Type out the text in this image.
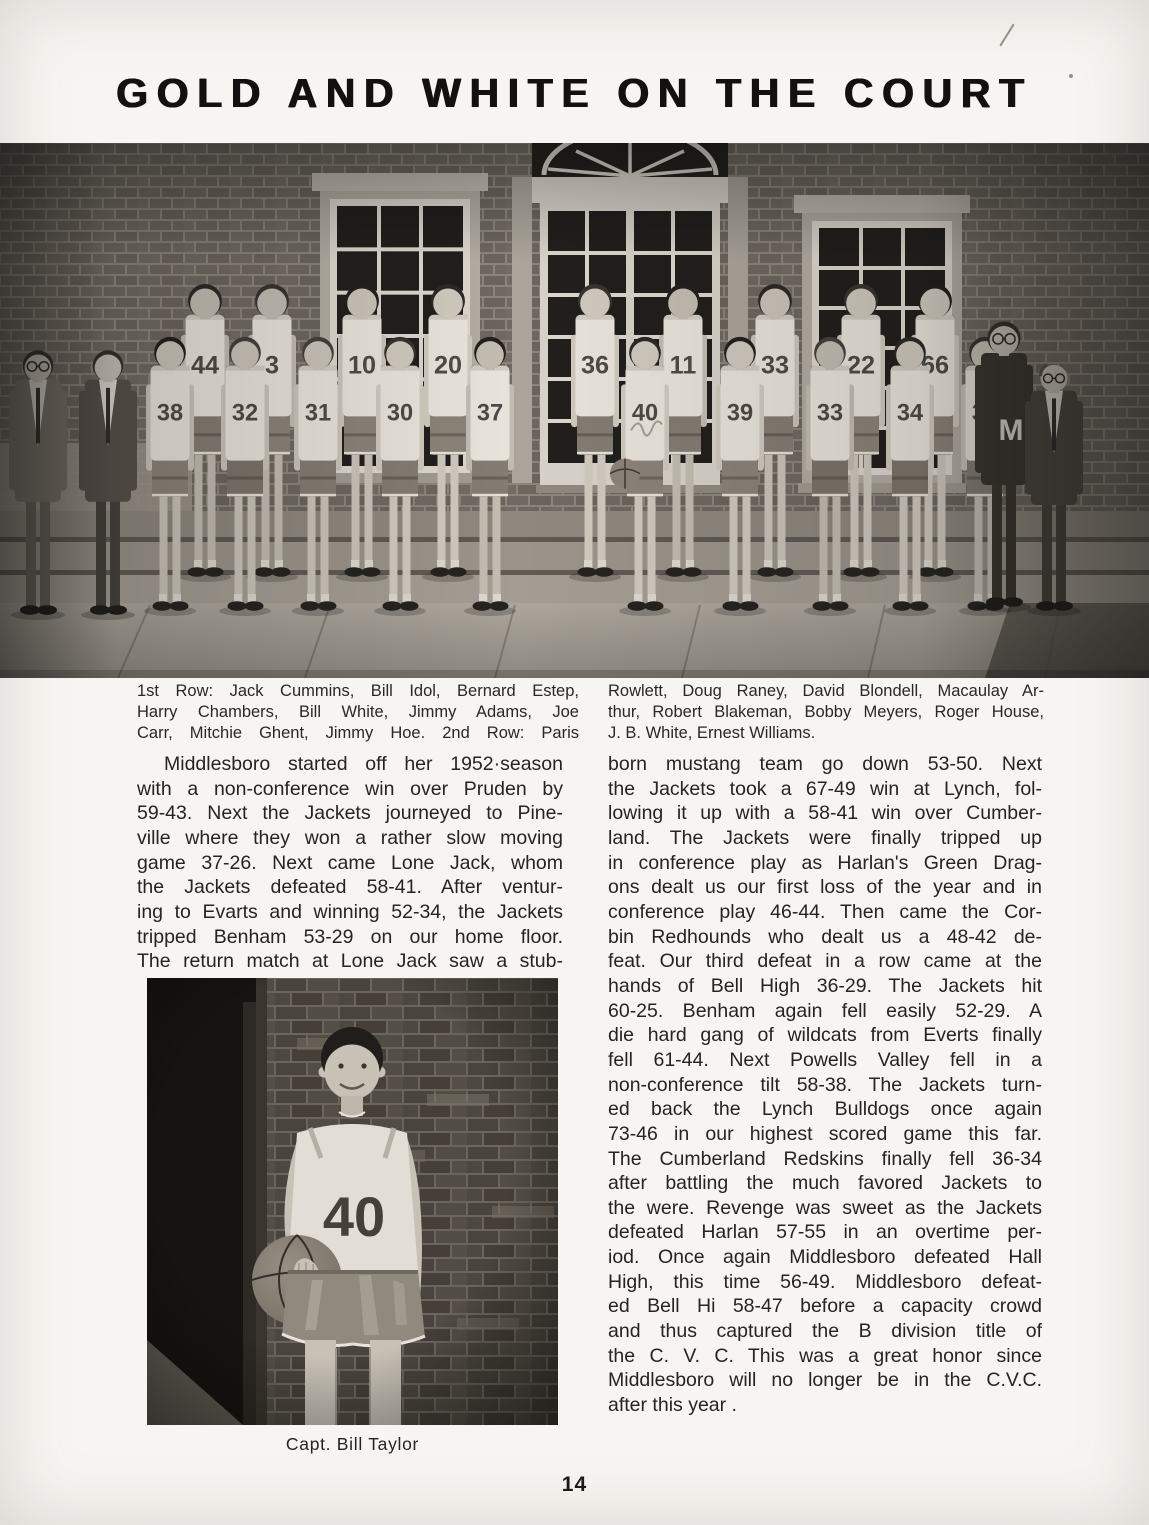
GOLD AND WHITE ON THE COURT
1st Row: Jack Cummins, Bill Idol, Bernard Estep,
Harry Chambers, Bill White, Jimmy Adams, Joe
Carr, Mitchie Ghent, Jimmy Hoe. 2nd Row: Paris
Rowlett, Doug Raney, David Blondell, Macaulay Ar-
thur, Robert Blakeman, Bobby Meyers, Roger House,
J. B. White, Ernest Williams.
Middlesboro started off her 1952·season
with a non-conference win over Pruden by
59-43. Next the Jackets journeyed to Pine-
ville where they won a rather slow moving
game 37-26. Next came Lone Jack, whom
the Jackets defeated 58-41. After ventur-
ing to Evarts and winning 52-34, the Jackets
tripped Benham 53-29 on our home floor.
The return match at Lone Jack saw a stub-
born mustang team go down 53-50. Next
the Jackets took a 67-49 win at Lynch, fol-
lowing it up with a 58-41 win over Cumber-
land. The Jackets were finally tripped up
in conference play as Harlan's Green Drag-
ons dealt us our first loss of the year and in
conference play 46-44. Then came the Cor-
bin Redhounds who dealt us a 48-42 de-
feat. Our third defeat in a row came at the
hands of Bell High 36-29. The Jackets hit
60-25. Benham again fell easily 52-29. A
die hard gang of wildcats from Everts finally
fell 61-44. Next Powells Valley fell in a
non-conference tilt 58-38. The Jackets turn-
ed back the Lynch Bulldogs once again
73-46 in our highest scored game this far.
The Cumberland Redskins finally fell 36-34
after battling the much favored Jackets to
the were. Revenge was sweet as the Jackets
defeated Harlan 57-55 in an overtime per-
iod. Once again Middlesboro defeated Hall
High, this time 56-49. Middlesboro defeat-
ed Bell Hi 58-47 before a capacity crowd
and thus captured the B division title of
the C. V. C. This was a great honor since
Middlesboro will no longer be in the C.V.C.
after this year .
Capt. Bill Taylor
14
